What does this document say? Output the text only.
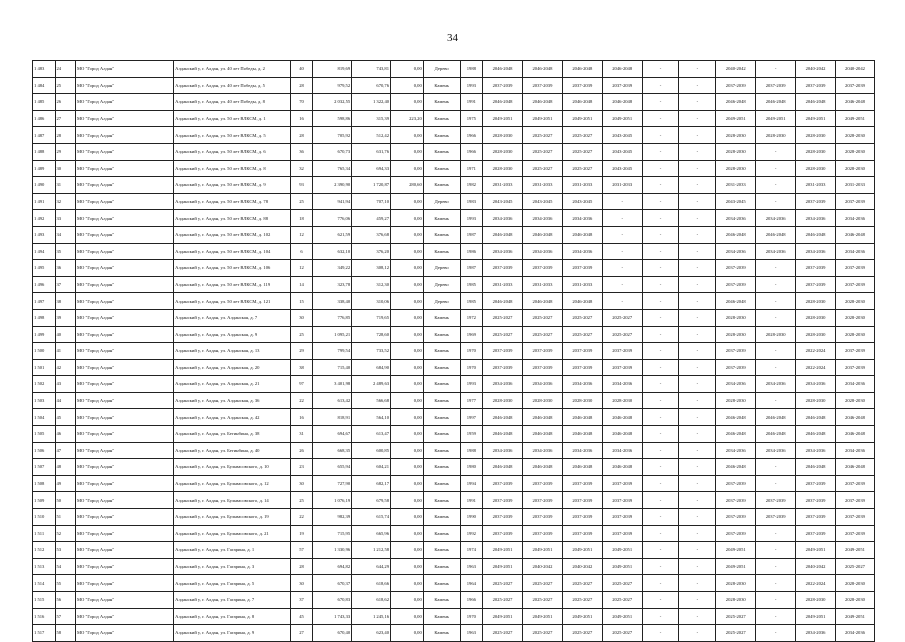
34
1 483	24	МО "Город Алдан"	Алданский у, г. Алдан, ул. 40 лет Победы, д. 2	40	819,69	743,81	0,00	Дерево	1988	2046-2048	2046-2048	2046-2048	2046-2048	-	-	2040-2042	-	2040-2042	2040-2042
1 484	25	МО "Город Алдан"	Алданский у, г. Алдан, ул. 40 лет Победы, д. 5	28	979,52	670,76	0,00	Камень	1993	2037-2039	2037-2039	2037-2039	2037-2039	-	-	2037-2039	2037-2039	2037-2039	2037-2039
1 485	26	МО "Город Алдан"	Алданский у, г. Алдан, ул. 40 лет Победы, д. 8	70	2 032,55	1 322,40	0,00	Камень	1991	2046-2048	2046-2048	2046-2048	2046-2048	-	-	2046-2048	2046-2048	2046-2048	2046-2048
1 486	27	МО "Город Алдан"	Алданский у, г. Алдан, ул. 50 лет ВЛКСМ, д. 1	16	598,86	315,39	223,20	Камень	1975	2049-2051	2049-2051	2049-2051	2049-2051	-	-	2049-2051	2049-2051	2049-2051	2049-2051
1 487	28	МО "Город Алдан"	Алданский у, г. Алдан, ул. 50 лет ВЛКСМ, д. 5	28	705,92	512,42	0,00	Камень	1966	2028-2030	2025-2027	2025-2027	2043-2045	-	-	2028-2030	2028-2030	2028-2030	2028-2030
1 488	29	МО "Город Алдан"	Алданский у, г. Алдан, ул. 50 лет ВЛКСМ, д. 6	36	670,73	631,76	0,00	Камень	1966	2028-2030	2025-2027	2025-2027	2043-2045	-	-	2028-2030	-	2028-2030	2028-2030
1 489	30	МО "Город Алдан"	Алданский у, г. Алдан, ул. 50 лет ВЛКСМ, д. 8	32	765,34	694,33	0,00	Камень	1971	2028-2030	2025-2027	2025-2027	2043-2045	-	-	2028-2030	-	2028-2030	2028-2030
1 490	31	МО "Город Алдан"	Алданский у, г. Алдан, ул. 50 лет ВЛКСМ, д. 9	93	2 390,90	1 720,87	280,60	Камень	1982	2031-2033	2031-2033	2031-2033	2031-2033	-	-	2031-2033	-	2031-2033	2031-2033
1 491	32	МО "Город Алдан"	Алданский у, г. Алдан, ул. 50 лет ВЛКСМ, д. 78	25	941,94	707,10	0,00	Дерево	1983	2043-2045	2043-2045	2043-2045	-	-	-	2043-2045	-	2037-2039	2037-2039
1 492	33	МО "Город Алдан"	Алданский у, г. Алдан, ул. 50 лет ВЛКСМ, д. 88	18	776,06	459,27	0,00	Камень	1993	2034-2036	2034-2036	2034-2036	-	-	-	2034-2036	2034-2036	2034-2036	2034-2036
1 493	34	МО "Город Алдан"	Алданский у, г. Алдан, ул. 50 лет ВЛКСМ, д. 102	12	621,59	376,68	0,00	Камень	1987	2046-2048	2046-2048	2046-2048	-	-	-	2046-2048	2046-2048	2046-2048	2046-2048
1 494	35	МО "Город Алдан"	Алданский у, г. Алдан, ул. 50 лет ВЛКСМ, д. 104	6	632,10	376,20	0,00	Камень	1986	2034-2036	2034-2036	2034-2036	-	-	-	2034-2036	2034-2036	2034-2036	2034-2036
1 495	36	МО "Город Алдан"	Алданский у, г. Алдан, ул. 50 лет ВЛКСМ, д. 106	12	349,22	308,12	0,00	Дерево	1987	2037-2039	2037-2039	2037-2039	-	-	-	2037-2039	-	2037-2039	2037-2039
1 496	37	МО "Город Алдан"	Алданский у, г. Алдан, ул. 50 лет ВЛКСМ, д. 119	14	323,78	312,30	0,00	Дерево	1985	2031-2033	2031-2033	2031-2033	-	-	-	2037-2039	-	2037-2039	2037-2039
1 497	38	МО "Город Алдан"	Алданский у, г. Алдан, ул. 50 лет ВЛКСМ, д. 121	15	338,40	310,06	0,00	Дерево	1985	2046-2048	2046-2048	2046-2048	-	-	-	2046-2048	-	2028-2030	2028-2030
1 498	39	МО "Город Алдан"	Алданский у, г. Алдан, ул. Алданская, д. 7	30	776,85	719,65	0,00	Камень	1972	2025-2027	2025-2027	2025-2027	2025-2027	-	-	2028-2030	-	2028-2030	2028-2030
1 499	40	МО "Город Алдан"	Алданский у, г. Алдан, ул. Алданская, д. 9	25	1 095,21	728,60	0,00	Камень	1969	2025-2027	2025-2027	2025-2027	2025-2027	-	-	2028-2030	2028-2030	2028-2030	2028-2030
1 500	41	МО "Город Алдан"	Алданский у, г. Алдан, ул. Алданская, д. 13	29	799,54	733,52	0,00	Камень	1970	2037-2039	2037-2039	2037-2039	2037-2039	-	-	2037-2039	-	2022-2024	2037-2039
1 501	42	МО "Город Алдан"	Алданский у, г. Алдан, ул. Алданская, д. 20	38	715,40	684,90	0,00	Камень	1970	2037-2039	2037-2039	2037-2039	2037-2039	-	-	2037-2039	-	2022-2024	2037-2039
1 502	43	МО "Город Алдан"	Алданский у, г. Алдан, ул. Алданская, д. 21	97	3 401,98	2 489,63	0,00	Камень	1993	2034-2036	2034-2036	2034-2036	2034-2036	-	-	2034-2036	2034-2036	2034-2036	2034-2036
1 503	44	МО "Город Алдан"	Алданский у, г. Алдан, ул. Алданская, д. 36	22	613,42	566,68	0,00	Камень	1977	2028-2030	2028-2030	2028-2030	2028-2030	-	-	2028-2030	-	2028-2030	2028-2030
1 504	45	МО "Город Алдан"	Алданский у, г. Алдан, ул. Алданская, д. 42	16	818,91	564,10	0,00	Камень	1997	2046-2048	2046-2048	2046-2048	2046-2048	-	-	2046-2048	2046-2048	2046-2048	2046-2048
1 505	46	МО "Город Алдан"	Алданский у, г. Алдан, ул. Бегинбина, д. 38	31	694,67	613,47	0,00	Камень	1959	2046-2048	2046-2048	2046-2048	2046-2048	-	-	2046-2048	2046-2048	2046-2048	2046-2048
1 506	47	МО "Город Алдан"	Алданский у, г. Алдан, ул. Бегинбина, д. 40	26	668,35	600,85	0,00	Камень	1988	2034-2036	2034-2036	2034-2036	2034-2036	-	-	2034-2036	2034-2036	2034-2036	2034-2036
1 507	48	МО "Город Алдан"	Алданский у, г. Алдан, ул. Бульвасовского, д. 10	23	655,94	604,21	0,00	Камень	1980	2046-2048	2046-2048	2046-2048	2046-2048	-	-	2046-2048	-	2046-2048	2046-2048
1 508	49	МО "Город Алдан"	Алданский у, г. Алдан, ул. Бульвасовского, д. 12	30	727,90	682,17	0,00	Камень	1994	2037-2039	2037-2039	2037-2039	2037-2039	-	-	2037-2039	-	2037-2039	2037-2039
1 509	50	МО "Город Алдан"	Алданский у, г. Алдан, ул. Бульвасовского, д. 14	25	1 076,19	679,58	0,00	Камень	1991	2037-2039	2037-2039	2037-2039	2037-2039	-	-	2037-2039	2037-2039	2037-2039	2037-2039
1 510	51	МО "Город Алдан"	Алданский у, г. Алдан, ул. Бульвасовского, д. 19	22	982,39	615,74	0,00	Камень	1990	2037-2039	2037-2039	2037-2039	2037-2039	-	-	2037-2039	2037-2039	2037-2039	2037-2039
1 511	52	МО "Город Алдан"	Алданский у, г. Алдан, ул. Бульвасовского, д. 21	19	715,95	665,96	0,00	Камень	1992	2037-2039	2037-2039	2037-2039	2037-2039	-	-	2037-2039	-	2037-2039	2037-2039
1 512	53	МО "Город Алдан"	Алданский у, г. Алдан, ул. Гагарина, д. 1	57	1 330,96	1 212,58	0,00	Камень	1974	2049-2051	2049-2051	2049-2051	2049-2051	-	-	2049-2051	-	2049-2051	2049-2051
1 513	54	МО "Город Алдан"	Алданский у, г. Алдан, ул. Гагарина, д. 3	28	694,82	644,29	0,00	Камень	1963	2049-2051	2040-2042	2040-2042	2049-2051	-	-	2049-2051	-	2040-2042	2025-2027
1 514	55	МО "Город Алдан"	Алданский у, г. Алдан, ул. Гагарина, д. 5	30	670,37	618,66	0,00	Камень	1964	2025-2027	2025-2027	2025-2027	2025-2027	-	-	2028-2030	-	2022-2024	2028-2030
1 515	56	МО "Город Алдан"	Алданский у, г. Алдан, ул. Гагарина, д. 7	37	670,83	618,62	0,00	Камень	1966	2025-2027	2025-2027	2025-2027	2025-2027	-	-	2028-2030	-	2028-2030	2028-2030
1 516	57	МО "Город Алдан"	Алданский у, г. Алдан, ул. Гагарина, д. 8	45	1 743,33	1 245,16	0,00	Камень	1970	2049-2051	2049-2051	2049-2051	2049-2051	-	-	2025-2027	-	2049-2051	2049-2051
1 517	58	МО "Город Алдан"	Алданский у, г. Алдан, ул. Гагарина, д. 9	27	670,40	623,40	0,00	Камень	1963	2025-2027	2025-2027	2025-2027	2025-2027	-	-	2025-2027	-	2034-2036	2034-2036
